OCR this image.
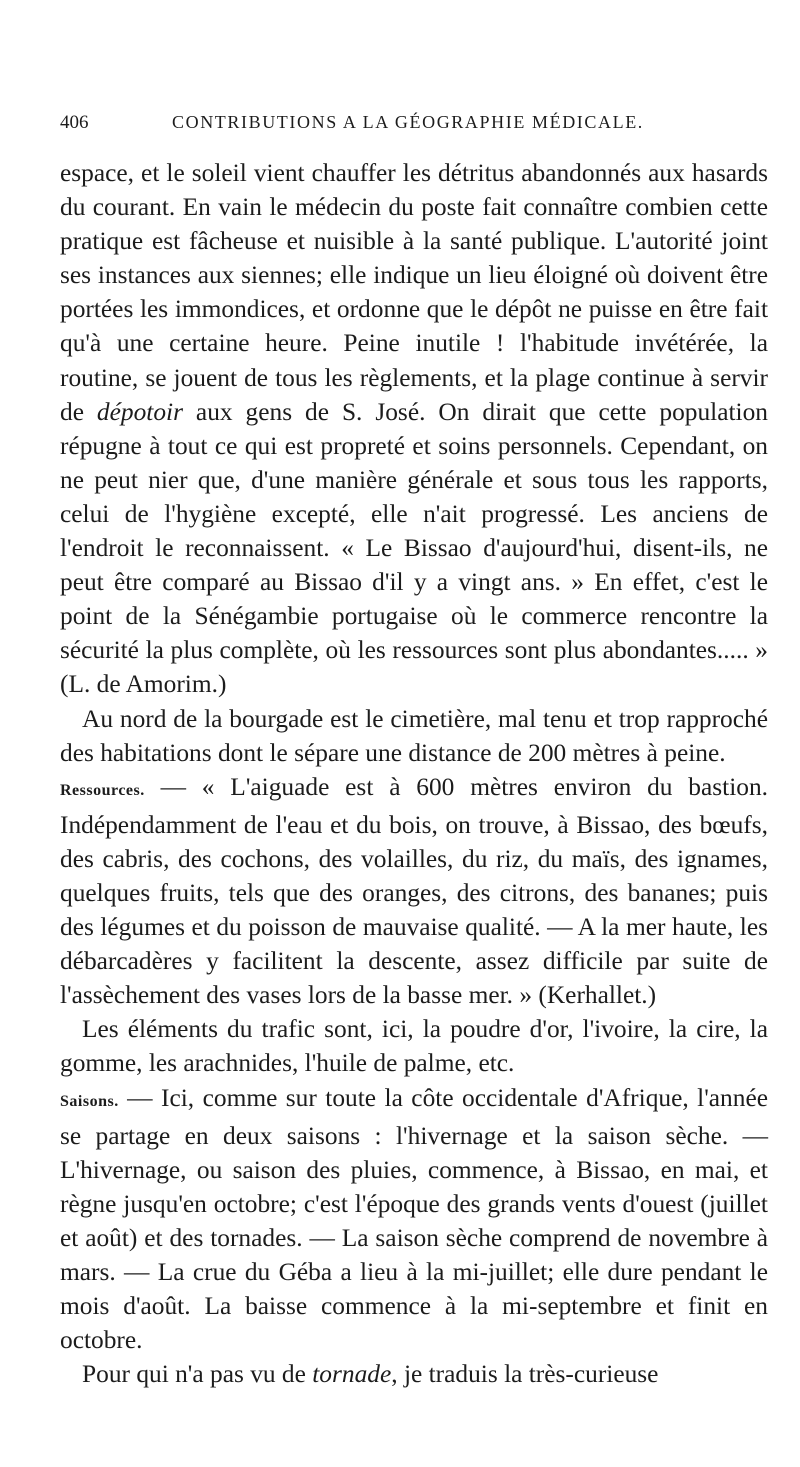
406	CONTRIBUTIONS A LA GÉOGRAPHIE MÉDICALE.

espace, et le soleil vient chauffer les détritus abandonnés aux hasards du courant. En vain le médecin du poste fait connaître combien cette pratique est fâcheuse et nuisible à la santé publique. L'autorité joint ses instances aux siennes; elle indique un lieu éloigné où doivent être portées les immondices, et ordonne que le dépôt ne puisse en être fait qu'à une certaine heure. Peine inutile ! l'habitude invétérée, la routine, se jouent de tous les règlements, et la plage continue à servir de dépotoir aux gens de S. José. On dirait que cette population répugne à tout ce qui est propreté et soins personnels. Cependant, on ne peut nier que, d'une manière générale et sous tous les rapports, celui de l'hygiène excepté, elle n'ait progressé. Les anciens de l'endroit le reconnaissent. « Le Bissao d'aujourd'hui, disent-ils, ne peut être comparé au Bissao d'il y a vingt ans. » En effet, c'est le point de la Sénégambie portugaise où le commerce rencontre la sécurité la plus complète, où les ressources sont plus abondantes..... » (L. de Amorim.)

Au nord de la bourgade est le cimetière, mal tenu et trop rapproché des habitations dont le sépare une distance de 200 mètres à peine.

Ressources. — « L'aiguade est à 600 mètres environ du bastion. Indépendamment de l'eau et du bois, on trouve, à Bissao, des bœufs, des cabris, des cochons, des volailles, du riz, du maïs, des ignames, quelques fruits, tels que des oranges, des citrons, des bananes; puis des légumes et du poisson de mauvaise qualité. — A la mer haute, les débarcadères y facilitent la descente, assez difficile par suite de l'assèchement des vases lors de la basse mer. » (Kerhallet.)

Les éléments du trafic sont, ici, la poudre d'or, l'ivoire, la cire, la gomme, les arachnides, l'huile de palme, etc.

Saisons. — Ici, comme sur toute la côte occidentale d'Afrique, l'année se partage en deux saisons : l'hivernage et la saison sèche. — L'hivernage, ou saison des pluies, commence, à Bissao, en mai, et règne jusqu'en octobre; c'est l'époque des grands vents d'ouest (juillet et août) et des tornades. — La saison sèche comprend de novembre à mars. — La crue du Géba a lieu à la mi-juillet; elle dure pendant le mois d'août. La baisse commence à la mi-septembre et finit en octobre.

Pour qui n'a pas vu de tornade, je traduis la très-curieuse
